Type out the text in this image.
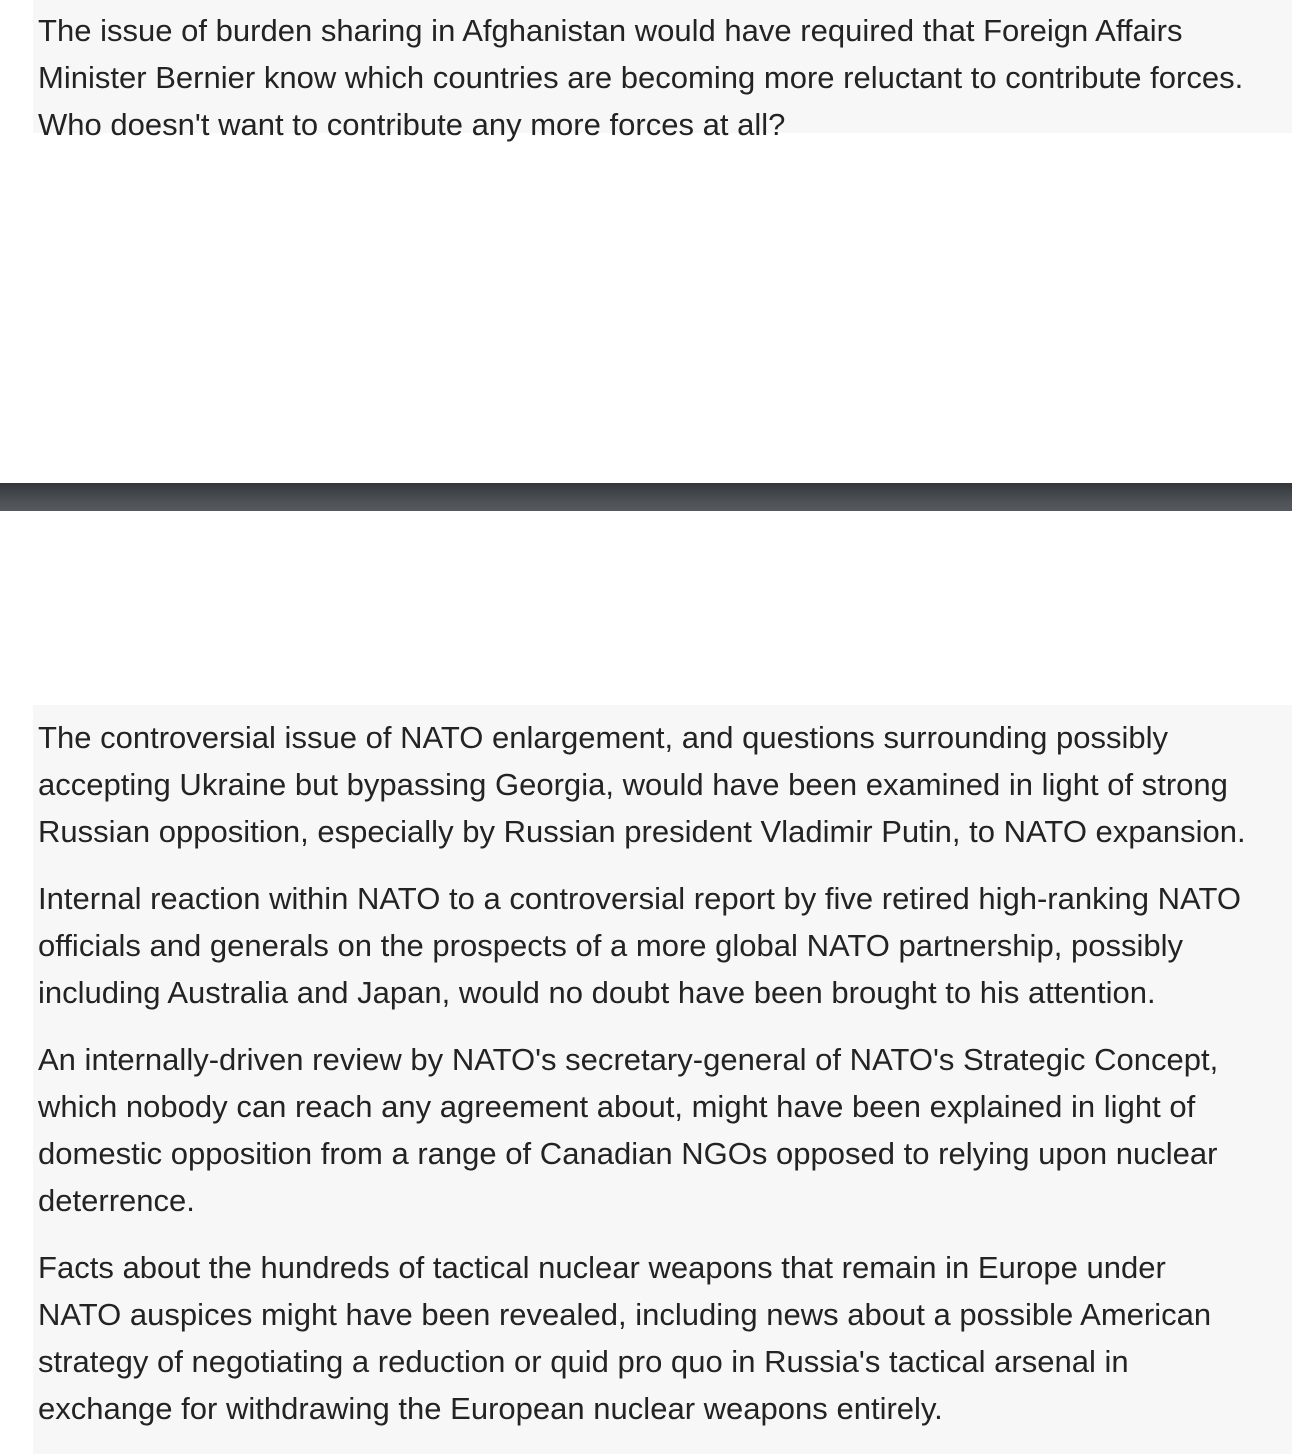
The issue of burden sharing in Afghanistan would have required that Foreign Affairs Minister Bernier know which countries are becoming more reluctant to contribute forces. Who doesn't want to contribute any more forces at all?

The controversial issue of NATO enlargement, and questions surrounding possibly accepting Ukraine but bypassing Georgia, would have been examined in light of strong Russian opposition, especially by Russian president Vladimir Putin, to NATO expansion.

Internal reaction within NATO to a controversial report by five retired high-ranking NATO officials and generals on the prospects of a more global NATO partnership, possibly including Australia and Japan, would no doubt have been brought to his attention.

An internally-driven review by NATO's secretary-general of NATO's Strategic Concept, which nobody can reach any agreement about, might have been explained in light of domestic opposition from a range of Canadian NGOs opposed to relying upon nuclear deterrence.

Facts about the hundreds of tactical nuclear weapons that remain in Europe under NATO auspices might have been revealed, including news about a possible American strategy of negotiating a reduction or quid pro quo in Russia's tactical arsenal in exchange for withdrawing the European nuclear weapons entirely.
